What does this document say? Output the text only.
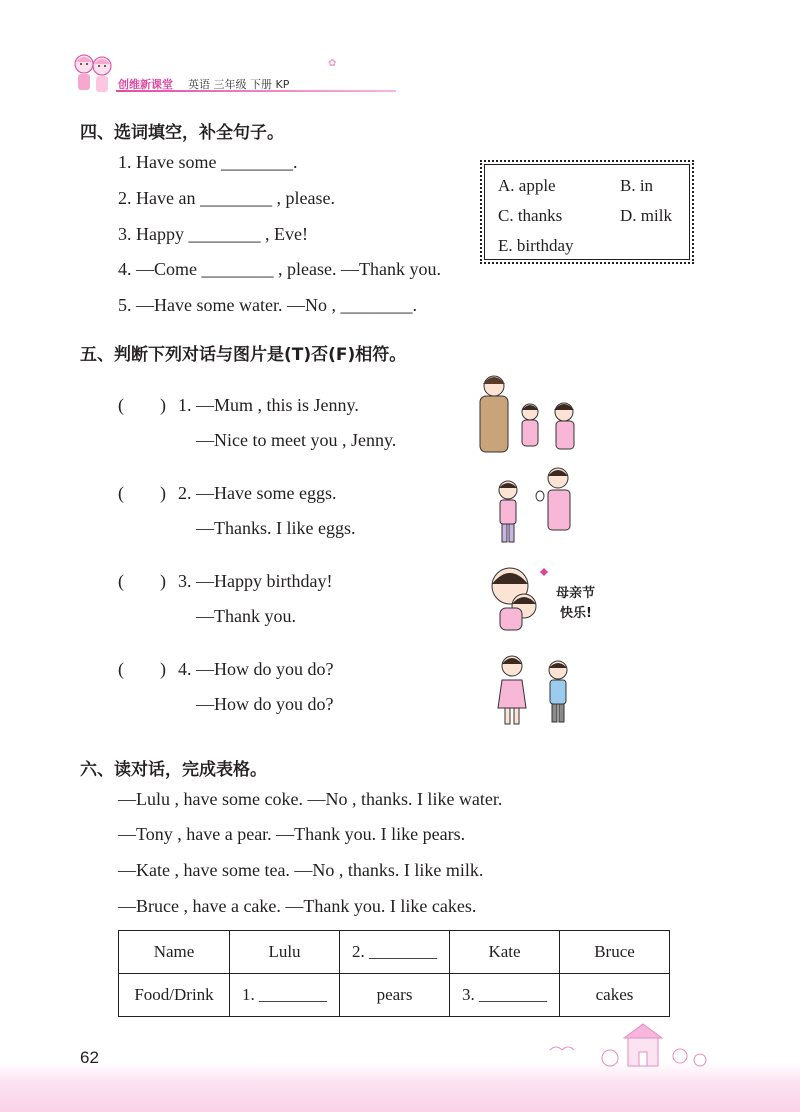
创维新课堂 英语 三年级 下册 KP
✿
四、选词填空，补全句子。
1. Have some ________.
2. Have an ________ , please.
3. Happy ________ , Eve!
4. —Come ________ , please. —Thank you.
5. —Have some water. —No , ________.
A. apple	B. in
C. thanks	D. milk
E. birthday
五、判断下列对话与图片是(T)否(F)相符。
(        ) 1. —Mum , this is Jenny.
—Nice to meet you , Jenny.
(        ) 2. —Have some eggs.
—Thanks. I like eggs.
(        ) 3. —Happy birthday!
—Thank you.
(        ) 4. —How do you do?
—How do you do?
母亲节
快乐!
六、读对话，完成表格。
—Lulu , have some coke. —No , thanks. I like water.
—Tony , have a pear. —Thank you. I like pears.
—Kate , have some tea. —No , thanks. I like milk.
—Bruce , have a cake. —Thank you. I like cakes.
Name	Lulu	2. ________	Kate	Bruce
Food/Drink	1. ________	pears	3. ________	cakes
62
